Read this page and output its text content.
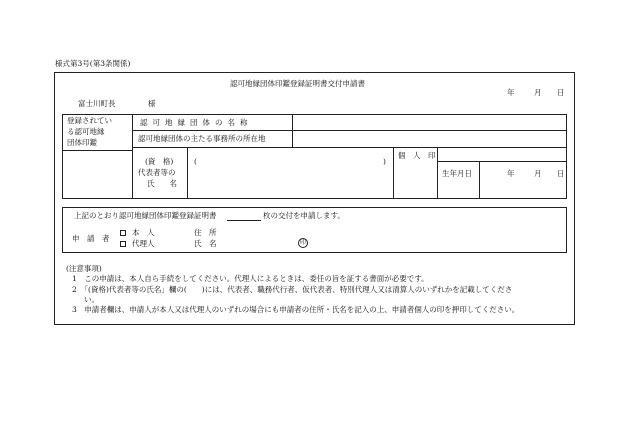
様式第3号(第3条関係)
認可地縁団体印鑑登録証明書交付申請書
年	月 日
富士川町長	様
登録されてい
る認可地縁
団体印鑑
認可地縁団体の名称
認可地縁団体の主たる事務所の所在地
(資　格)	(	)
代表者等の
氏　　名
個　人　印
生年月日	年	月 日
上記のとおり認可地縁団体印鑑登録証明書	枚の交付を申請します。
申　請　者
本　人
代理人
住　所
氏　名	印
(注意事項)
1　この申請は、本人自ら手続をしてください。代理人によるときは、委任の旨を証する書面が必要です。
2　「(資格)代表者等の氏名」欄の(　　)には、代表者、職務代行者、仮代表者、特別代理人又は清算人のいずれかを記載してくださ
い。
3　申請者欄は、申請人が本人又は代理人のいずれの場合にも申請者の住所・氏名を記入の上、申請者個人の印を押印してください。
